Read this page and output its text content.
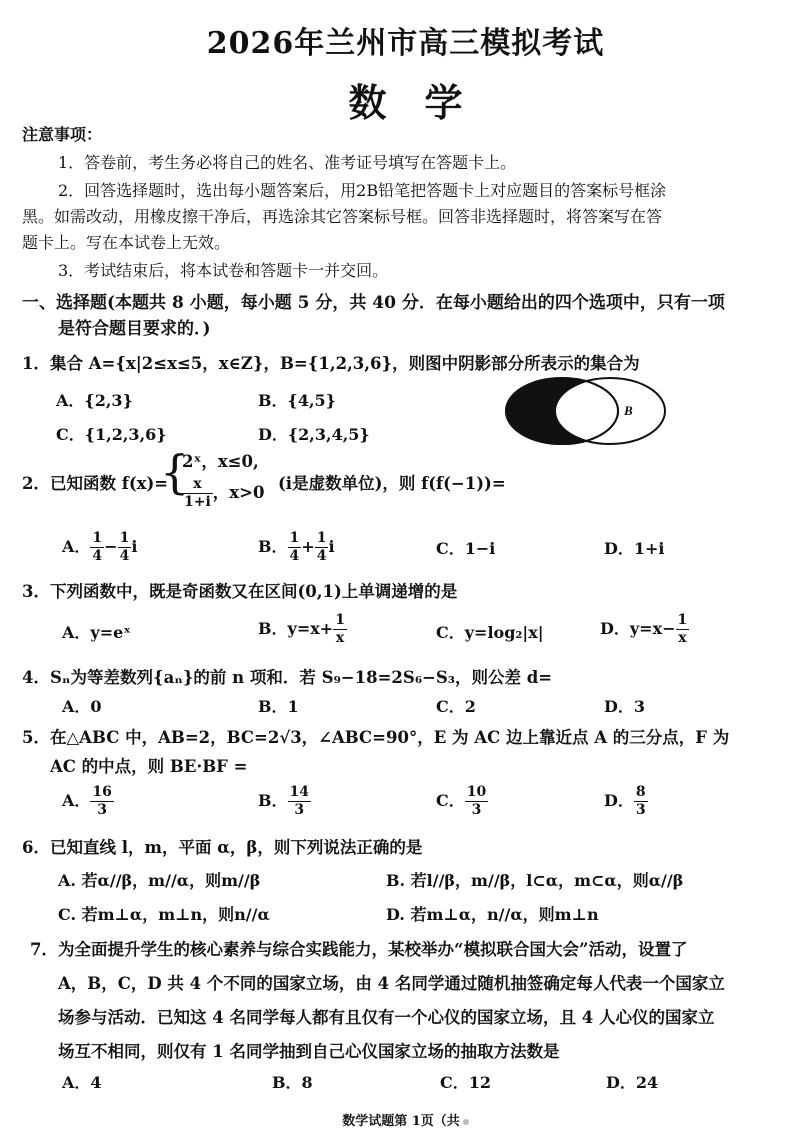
2026年兰州市高三模拟考试
数学
注意事项：
1．答卷前，考生务必将自己的姓名、准考证号填写在答题卡上。
2．回答选择题时，选出每小题答案后，用2B铅笔把答题卡上对应题目的答案标号框涂
黑。如需改动，用橡皮擦干净后，再选涂其它答案标号框。回答非选择题时，将答案写在答
题卡上。写在本试卷上无效。
3．考试结束后，将本试卷和答题卡一并交回。
一、选择题(本题共 8 小题，每小题 5 分，共 40 分．在每小题给出的四个选项中，只有一项
是符合题目要求的．)
1．集合 A={x|2≤x≤5，x∈Z}，B={1,2,3,6}，则图中阴影部分所表示的集合为
A．{2,3}	B．{4,5}
C．{1,2,3,6}	D．{2,3,4,5}
B
2．已知函数 f(x)=
{
2ˣ，x≤0,
$\frac{x}{1+i}$ ，x>0 (i是虚数单位)，则 f(f(−1))=
A． $\frac{1}{4} - \frac{1}{4}$ i	B． $\frac{1}{4} + \frac{1}{4}$ i	C．1−i	D．1+i
3．下列函数中，既是奇函数又在区间(0,1)上单调递增的是
A．y=eˣ	B．$y=x+ \frac{1}{x}$	C．y=log₂|x|	D．$y=x- \frac{1}{x}$
4．Sₙ为等差数列{aₙ}的前 n 项和．若 S₉−18=2S₆−S₃，则公差 d=
A．0	B．1	C．2	D．3
5．在△ABC 中，AB=2，BC=2√3，∠ABC=90°，E 为 AC 边上靠近点 A 的三分点，F 为
AC 的中点，则 BE·BF =
A． $\frac{16}{3}$	B． $\frac{14}{3}$	C． $\frac{10}{3}$	D． $\frac{8}{3}$
6．已知直线 l，m，平面 α，β，则下列说法正确的是
A. 若α//β，m//α，则m//β	B. 若l//β，m//β，l⊂α，m⊂α，则α//β
C. 若m⊥α，m⊥n，则n//α	D. 若m⊥α，n//α，则m⊥n
7．为全面提升学生的核心素养与综合实践能力，某校举办“模拟联合国大会”活动，设置了
A，B，C，D 共 4 个不同的国家立场，由 4 名同学通过随机抽签确定每人代表一个国家立
场参与活动．已知这 4 名同学每人都有且仅有一个心仪的国家立场，且 4 人心仪的国家立
场互不相同，则仅有 1 名同学抽到自己心仪国家立场的抽取方法数是
A．4	B．8	C．12	D．24
数学试题第 1页（共
